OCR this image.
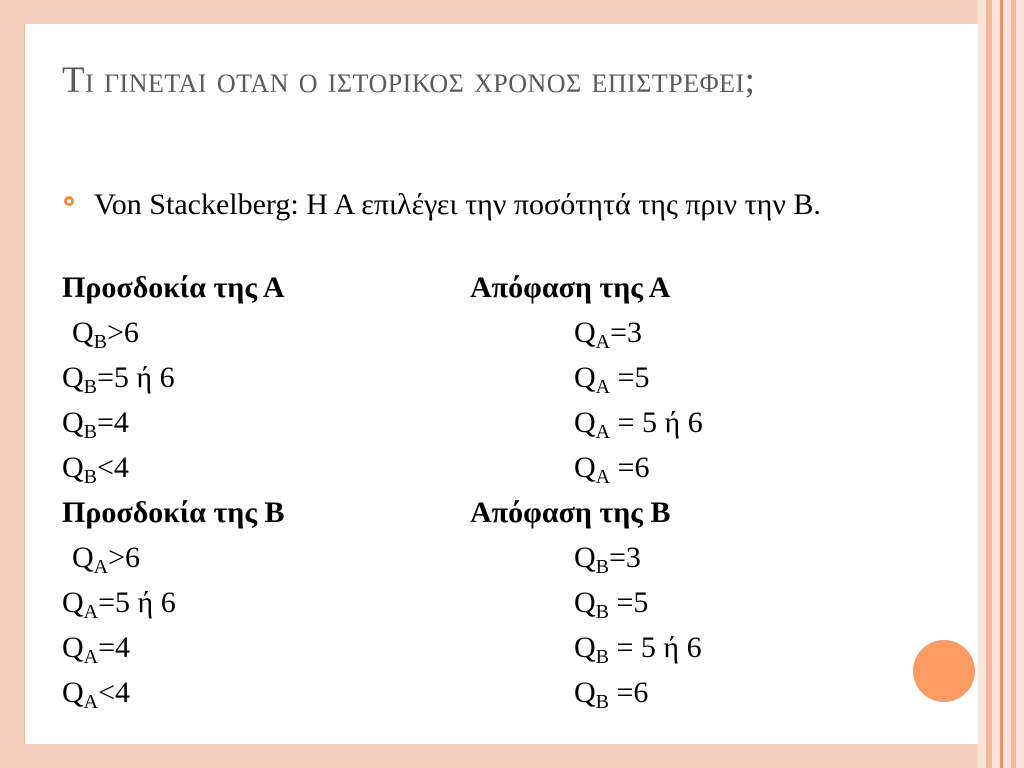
Τι γινεται οταν ο ιστορικος χρονος επιστρεφει;
Von Stackelberg: Η Α επιλέγει την ποσότητά της πριν την Β.
Προσδοκία της Α	Απόφαση της Α
$Q_B>6$	$Q_A=3$
$Q_B=5$ ή 6	$Q_A =5$
$Q_B=4$	$Q_A = 5$ ή 6
$Q_B<4$	$Q_A =6$
Προσδοκία της Β	Απόφαση της Β
$Q_A>6$	$Q_B=3$
$Q_A=5$ ή 6	$Q_B =5$
$Q_A=4$	$Q_B = 5$ ή 6
$Q_A<4$	$Q_B =6$
